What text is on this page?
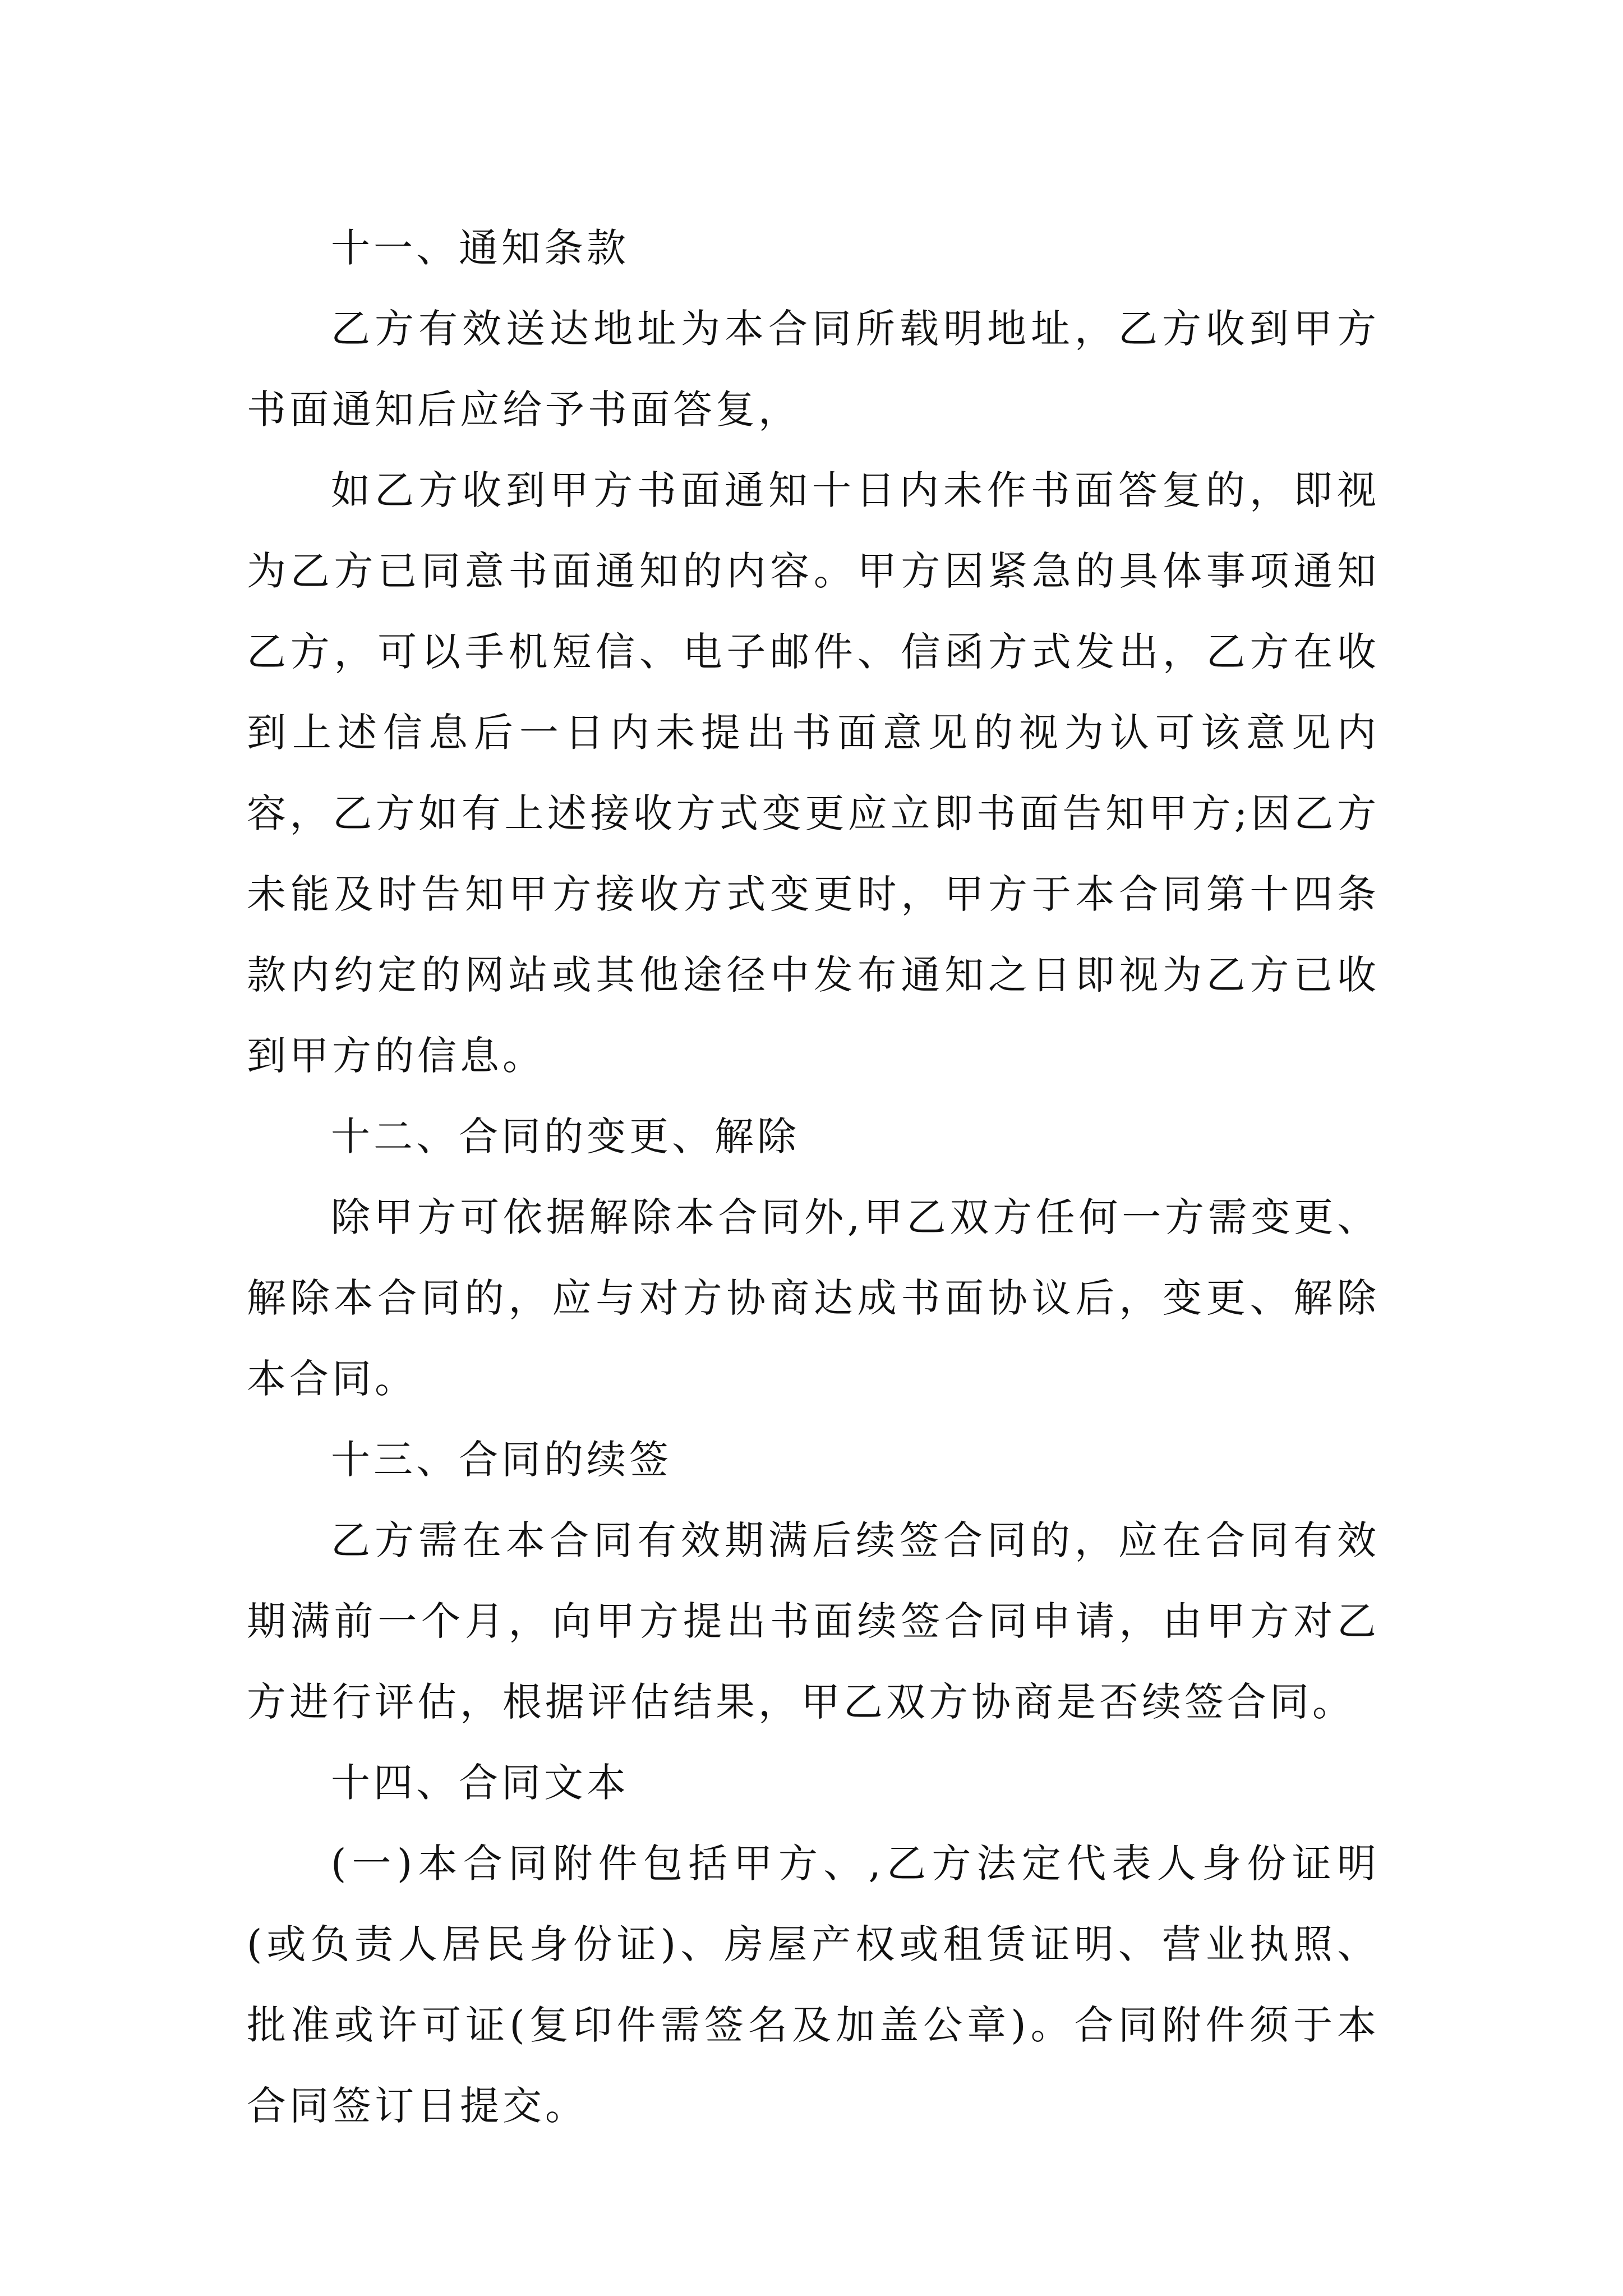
十一、通知条款

乙方有效送达地址为本合同所载明地址，乙方收到甲方书面通知后应给予书面答复，

如乙方收到甲方书面通知十日内未作书面答复的，即视为乙方已同意书面通知的内容。甲方因紧急的具体事项通知乙方，可以手机短信、电子邮件、信函方式发出，乙方在收到上述信息后一日内未提出书面意见的视为认可该意见内容，乙方如有上述接收方式变更应立即书面告知甲方;因乙方未能及时告知甲方接收方式变更时，甲方于本合同第十四条款内约定的网站或其他途径中发布通知之日即视为乙方已收到甲方的信息。

十二、合同的变更、解除

除甲方可依据解除本合同外,甲乙双方任何一方需变更、解除本合同的，应与对方协商达成书面协议后，变更、解除本合同。

十三、合同的续签

乙方需在本合同有效期满后续签合同的，应在合同有效期满前一个月，向甲方提出书面续签合同申请，由甲方对乙方进行评估，根据评估结果，甲乙双方协商是否续签合同。

十四、合同文本

(一)本合同附件包括甲方、,乙方法定代表人身份证明(或负责人居民身份证)、房屋产权或租赁证明、营业执照、批准或许可证(复印件需签名及加盖公章)。合同附件须于本合同签订日提交。
